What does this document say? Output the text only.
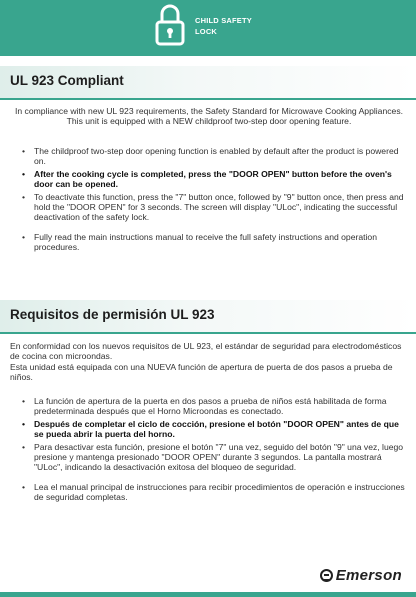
CHILD SAFETY
LOCK
UL 923 Compliant
In compliance with new UL 923 requirements, the Safety Standard for Microwave Cooking Appliances.
This unit is equipped with a NEW childproof two-step door opening feature.
• The childproof two-step door opening function is enabled by default after the product is powered on.
• After the cooking cycle is completed, press the "DOOR OPEN" button before the oven's door can be opened.
• To deactivate this function, press the "7" button once, followed by "9" button once, then press and hold the "DOOR OPEN" for 3 seconds. The screen will display "ULoc", indicating the successful deactivation of the safety lock.
• Fully read the main instructions manual to receive the full safety instructions and operation procedures.
Requisitos de permisión UL 923
En conformidad con los nuevos requisitos de UL 923, el estándar de seguridad para electrodomésticos de cocina con microondas.
Esta unidad está equipada con una NUEVA función de apertura de puerta de dos pasos a prueba de niños.
• La función de apertura de la puerta en dos pasos a prueba de niños está habilitada de forma predeterminada después que el Horno Microondas es conectado.
• Después de completar el ciclo de cocción, presione el botón "DOOR OPEN" antes de que se pueda abrir la puerta del horno.
• Para desactivar esta función, presione el botón "7" una vez, seguido del botón "9" una vez, luego presione y mantenga presionado "DOOR OPEN" durante 3 segundos. La pantalla mostrará "ULoc", indicando la desactivación exitosa del bloqueo de seguridad.
• Lea el manual principal de instrucciones para recibir procedimientos de operación e instrucciones de seguridad completas.
Emerson
